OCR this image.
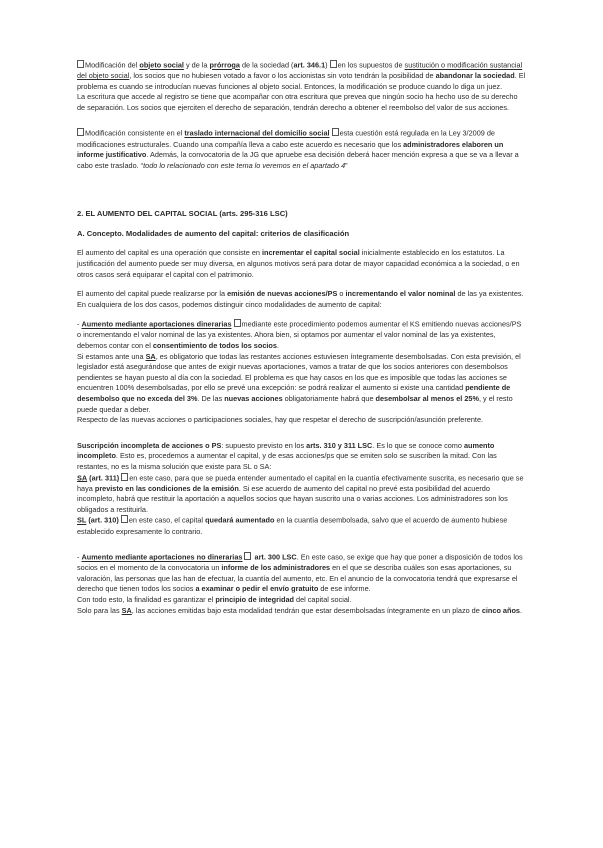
Modificación del objeto social y de la prórroga de la sociedad (art. 346.1) en los supuestos de sustitución o modificación sustancial del objeto social, los socios que no hubiesen votado a favor o los accionistas sin voto tendrán la posibilidad de abandonar la sociedad. El problema es cuando se introducían nuevas funciones al objeto social. Entonces, la modificación se produce cuando lo diga un juez.

La escritura que accede al registro se tiene que acompañar con otra escritura que prevea que ningún socio ha hecho uso de su derecho de separación. Los socios que ejerciten el derecho de separación, tendrán derecho a obtener el reembolso del valor de sus acciones.

Modificación consistente en el traslado internacional del domicilio social esta cuestión está regulada en la Ley 3/2009 de modificaciones estructurales. Cuando una compañía lleva a cabo este acuerdo es necesario que los administradores elaboren un informe justificativo. Además, la convocatoria de la JG que apruebe esa decisión deberá hacer mención expresa a que se va a llevar a cabo este traslado. “todo lo relacionado con este tema lo veremos en el apartado 4”

2. EL AUMENTO DEL CAPITAL SOCIAL (arts. 295-316 LSC)

A. Concepto. Modalidades de aumento del capital: criterios de clasificación

El aumento del capital es una operación que consiste en incrementar el capital social inicialmente establecido en los estatutos. La justificación del aumento puede ser muy diversa, en algunos motivos será para dotar de mayor capacidad económica a la sociedad, o en otros casos será equiparar el capital con el patrimonio.

El aumento del capital puede realizarse por la emisión de nuevas acciones/PS o incrementando el valor nominal de las ya existentes. En cualquiera de los dos casos, podemos distinguir cinco modalidades de aumento de capital:

- Aumento mediante aportaciones dinerarias mediante este procedimiento podemos aumentar el KS emitiendo nuevas acciones/PS o incrementando el valor nominal de las ya existentes. Ahora bien, si optamos por aumentar el valor nominal de las ya existentes, debemos contar con el consentimiento de todos los socios.

Si estamos ante una SA, es obligatorio que todas las restantes acciones estuviesen íntegramente desembolsadas. Con esta previsión, el legislador está asegurándose que antes de exigir nuevas aportaciones, vamos a tratar de que los socios anteriores con desembolsos pendientes se hayan puesto al día con la sociedad. El problema es que hay casos en los que es imposible que todas las acciones se encuentren 100% desembolsadas, por ello se prevé una excepción: se podrá realizar el aumento si existe una cantidad pendiente de desembolso que no exceda del 3%. De las nuevas acciones obligatoriamente habrá que desembolsar al menos el 25%, y el resto puede quedar a deber.

Respecto de las nuevas acciones o participaciones sociales, hay que respetar el derecho de suscripción/asunción preferente.

Suscripción incompleta de acciones o PS: supuesto previsto en los arts. 310 y 311 LSC. Es lo que se conoce como aumento incompleto. Esto es, procedemos a aumentar el capital, y de esas acciones/ps que se emiten solo se suscriben la mitad. Con las restantes, no es la misma solución que existe para SL o SA:

SA (art. 311) en este caso, para que se pueda entender aumentado el capital en la cuantía efectivamente suscrita, es necesario que se haya previsto en las condiciones de la emisión. Si ese acuerdo de aumento del capital no prevé esta posibilidad del acuerdo incompleto, habrá que restituir la aportación a aquellos socios que hayan suscrito una o varias acciones. Los administradores son los obligados a restituirla.

SL (art. 310) en este caso, el capital quedará aumentado en la cuantía desembolsada, salvo que el acuerdo de aumento hubiese establecido expresamente lo contrario.

- Aumento mediante aportaciones no dinerarias art. 300 LSC. En este caso, se exige que hay que poner a disposición de todos los socios en el momento de la convocatoria un informe de los administradores en el que se describa cuáles son esas aportaciones, su valoración, las personas que las han de efectuar, la cuantía del aumento, etc. En el anuncio de la convocatoria tendrá que expresarse el derecho que tienen todos los socios a examinar o pedir el envío gratuito de ese informe.

Con todo esto, la finalidad es garantizar el principio de integridad del capital social.

Solo para las SA, las acciones emitidas bajo esta modalidad tendrán que estar desembolsadas íntegramente en un plazo de cinco años.
